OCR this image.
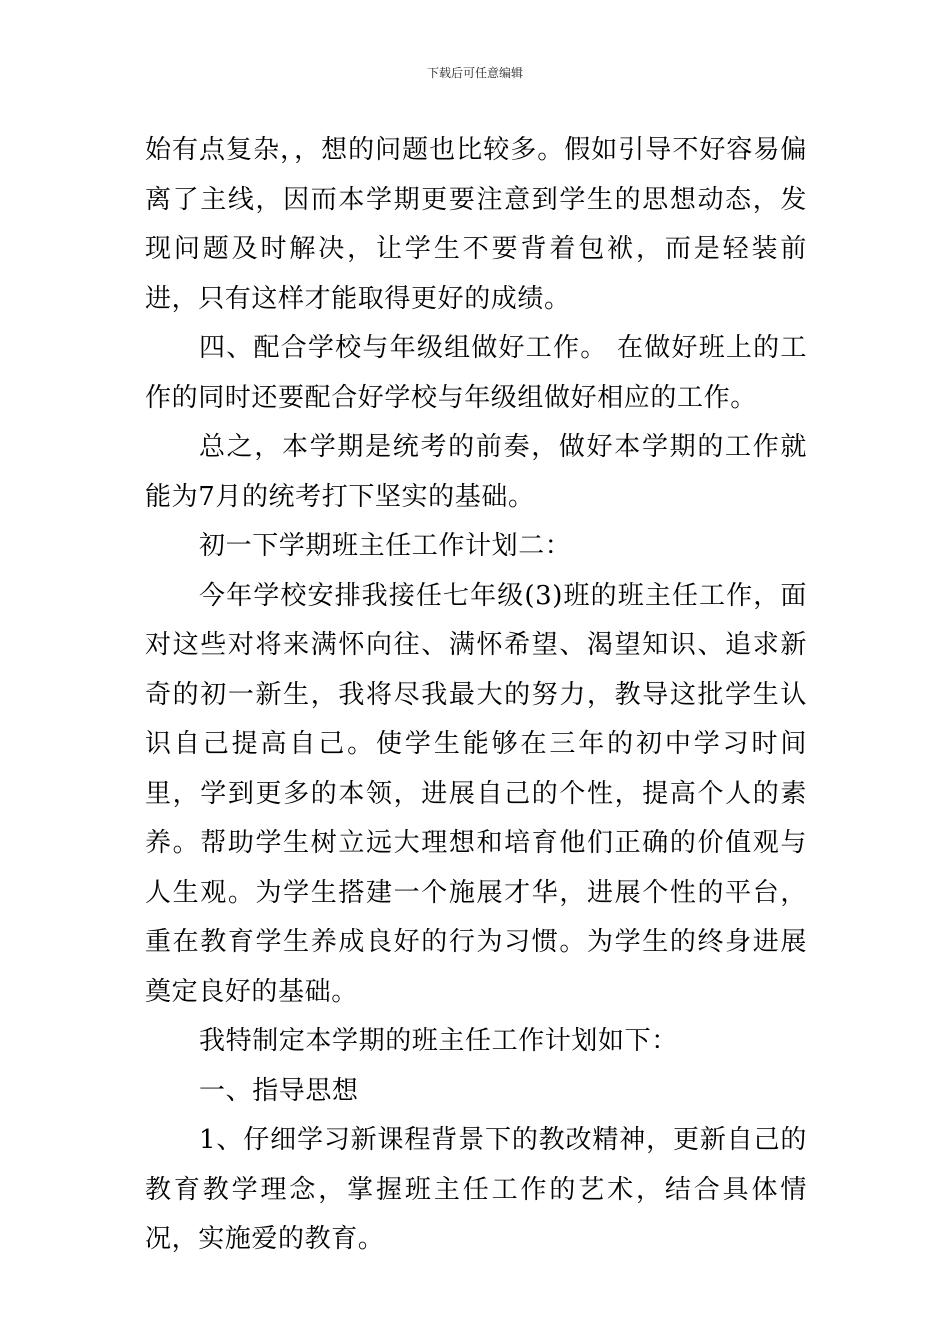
下载后可任意编辑

始有点复杂，，想的问题也比较多。假如引导不好容易偏离了主线，因而本学期更要注意到学生的思想动态，发现问题及时解决，让学生不要背着包袱，而是轻装前进，只有这样才能取得更好的成绩。

四、配合学校与年级组做好工作。 在做好班上的工作的同时还要配合好学校与年级组做好相应的工作。

总之，本学期是统考的前奏，做好本学期的工作就能为7月的统考打下坚实的基础。

初一下学期班主任工作计划二：

今年学校安排我接任七年级(3)班的班主任工作，面对这些对将来满怀向往、满怀希望、渴望知识、追求新奇的初一新生，我将尽我最大的努力，教导这批学生认识自己提高自己。使学生能够在三年的初中学习时间里，学到更多的本领，进展自己的个性，提高个人的素养。帮助学生树立远大理想和培育他们正确的价值观与人生观。为学生搭建一个施展才华，进展个性的平台，重在教育学生养成良好的行为习惯。为学生的终身进展奠定良好的基础。

我特制定本学期的班主任工作计划如下：

一、指导思想

1、仔细学习新课程背景下的教改精神，更新自己的教育教学理念，掌握班主任工作的艺术，结合具体情况，实施爱的教育。
